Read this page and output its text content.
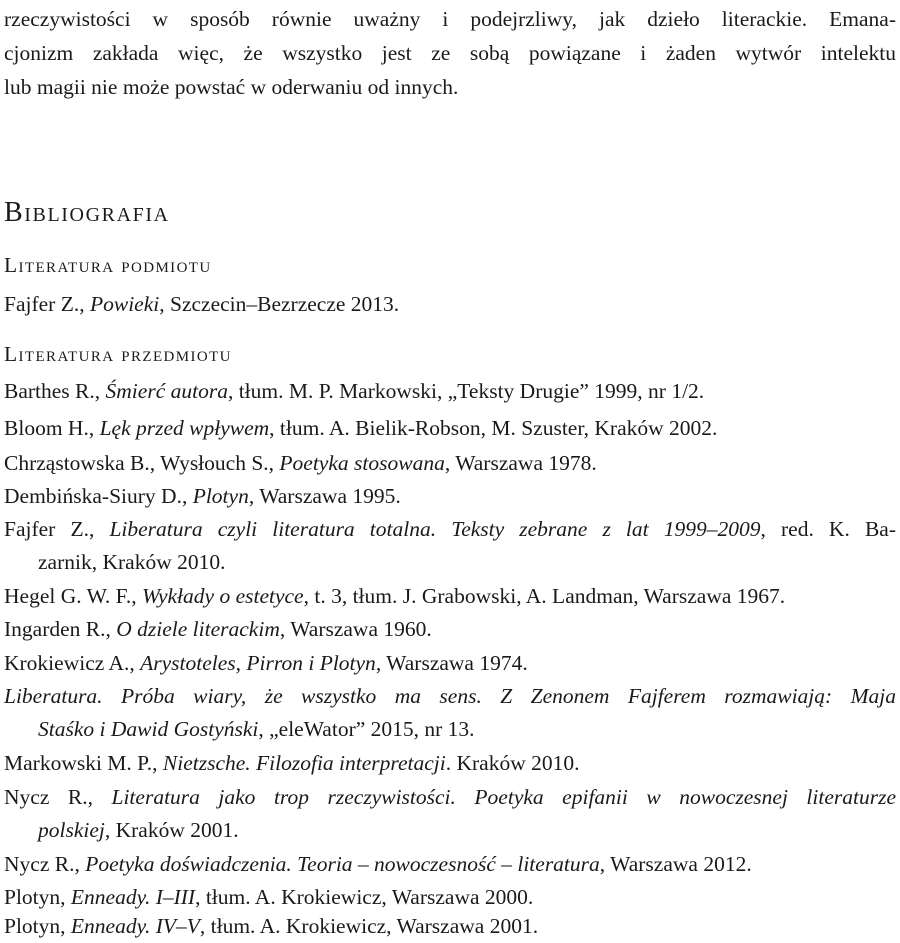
rzeczywistości w sposób równie uważny i podejrzliwy, jak dzieło literackie. Emana-
cjonizm zakłada więc, że wszystko jest ze sobą powiązane i żaden wytwór intelektu
lub magii nie może powstać w oderwaniu od innych.

Bibliografia
Literatura podmiotu

Fajfer Z., Powieki, Szczecin–Bezrzecze 2013.

Literatura przedmiotu

Barthes R., Śmierć autora, tłum. M. P. Markowski, „Teksty Drugie” 1999, nr 1/2.

Bloom H., Lęk przed wpływem, tłum. A. Bielik-Robson, M. Szuster, Kraków 2002.

Chrząstowska B., Wysłouch S., Poetyka stosowana, Warszawa 1978.

Dembińska-Siury D., Plotyn, Warszawa 1995.

Fajfer Z., Liberatura czyli literatura totalna. Teksty zebrane z lat 1999–2009, red. K. Ba-
zarnik, Kraków 2010.

Hegel G. W. F., Wykłady o estetyce, t. 3, tłum. J. Grabowski, A. Landman, Warszawa 1967.

Ingarden R., O dziele literackim, Warszawa 1960.

Krokiewicz A., Arystoteles, Pirron i Plotyn, Warszawa 1974.

Liberatura. Próba wiary, że wszystko ma sens. Z Zenonem Fajferem rozmawiają: Maja
Staśko i Dawid Gostyński, „eleWator” 2015, nr 13.

Markowski M. P., Nietzsche. Filozofia interpretacji. Kraków 2010.

Nycz R., Literatura jako trop rzeczywistości. Poetyka epifanii w nowoczesnej literaturze
polskiej, Kraków 2001.

Nycz R., Poetyka doświadczenia. Teoria – nowoczesność – literatura, Warszawa 2012.

Plotyn, Enneady. I–III, tłum. A. Krokiewicz, Warszawa 2000.

Plotyn, Enneady. IV–V, tłum. A. Krokiewicz, Warszawa 2001.
